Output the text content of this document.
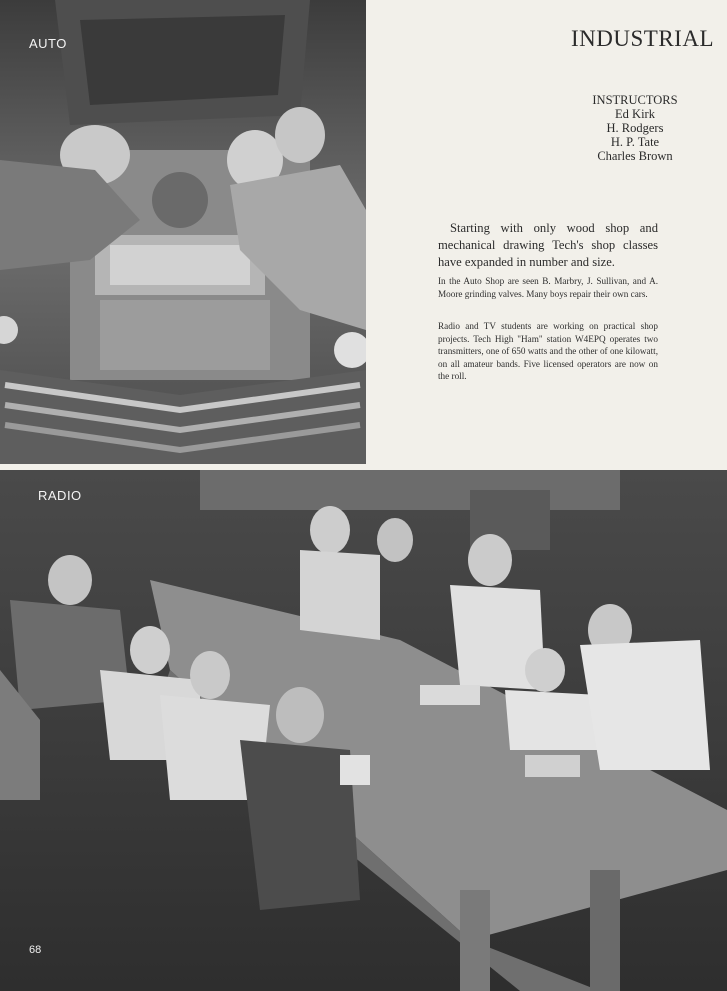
AUTO	INDUSTRIAL
INSTRUCTORS
Ed Kirk
H. Rodgers
H. P. Tate
Charles Brown

Starting with only wood shop and mechanical drawing Tech's shop classes have expanded in number and size.

In the Auto Shop are seen B. Marbry, J. Sullivan, and A. Moore grinding valves. Many boys repair their own cars.

Radio and TV students are working on practical shop projects. Tech High "Ham" station W4EPQ operates two transmitters, one of 650 watts and the other of one kilowatt, on all amateur bands. Five licensed operators are now on the roll.

RADIO
68
